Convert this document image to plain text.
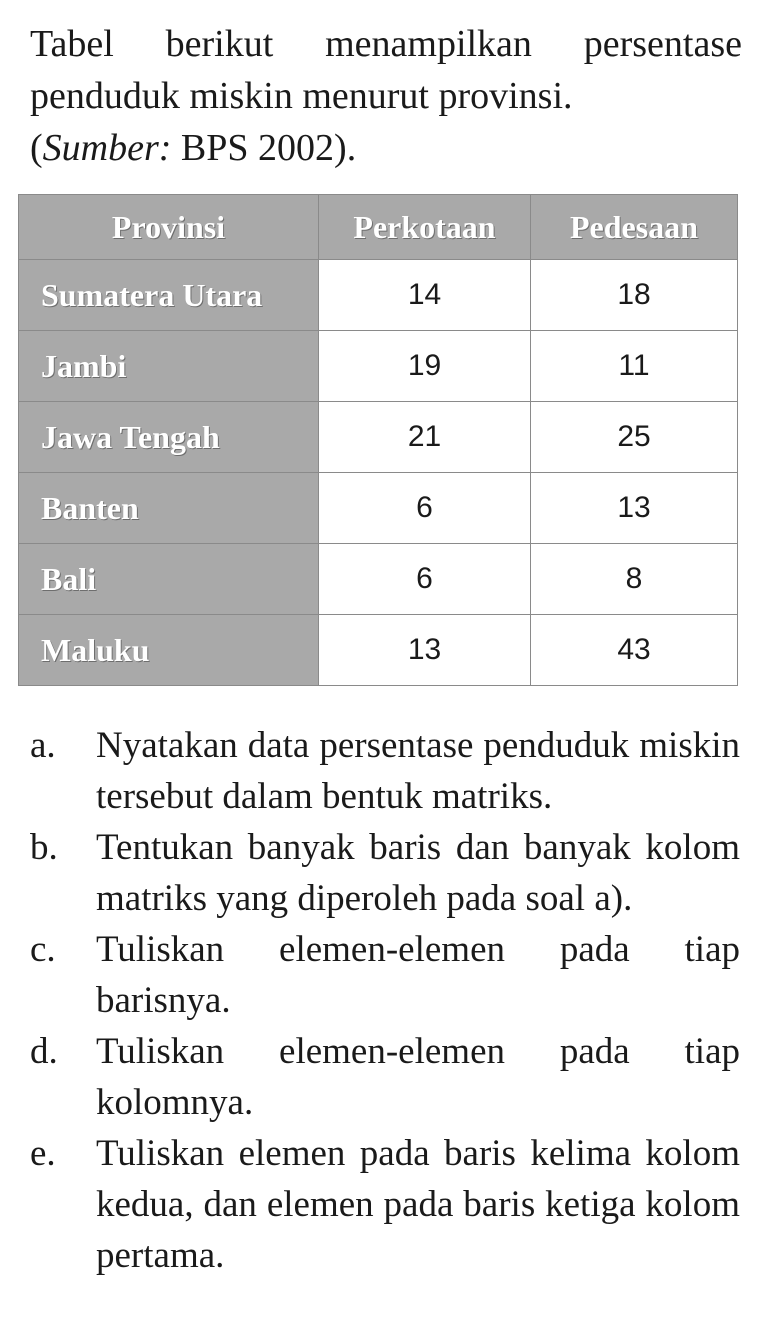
Tabel berikut menampilkan persentase penduduk miskin menurut provinsi.

(Sumber: BPS 2002).

Provinsi	Perkotaan	Pedesaan
Sumatera Utara	14	18
Jambi	19	11
Jawa Tengah	21	25
Banten	6	13
Bali	6	8
Maluku	13	43
a.	Nyatakan data persentase penduduk miskin tersebut dalam bentuk matriks.
b.	Tentukan banyak baris dan banyak kolom matriks yang diperoleh pada soal a).
c.	Tuliskan elemen-elemen pada tiap barisnya.
d.	Tuliskan elemen-elemen pada tiap kolomnya.
e.	Tuliskan elemen pada baris kelima kolom kedua, dan elemen pada baris ketiga kolom pertama.
